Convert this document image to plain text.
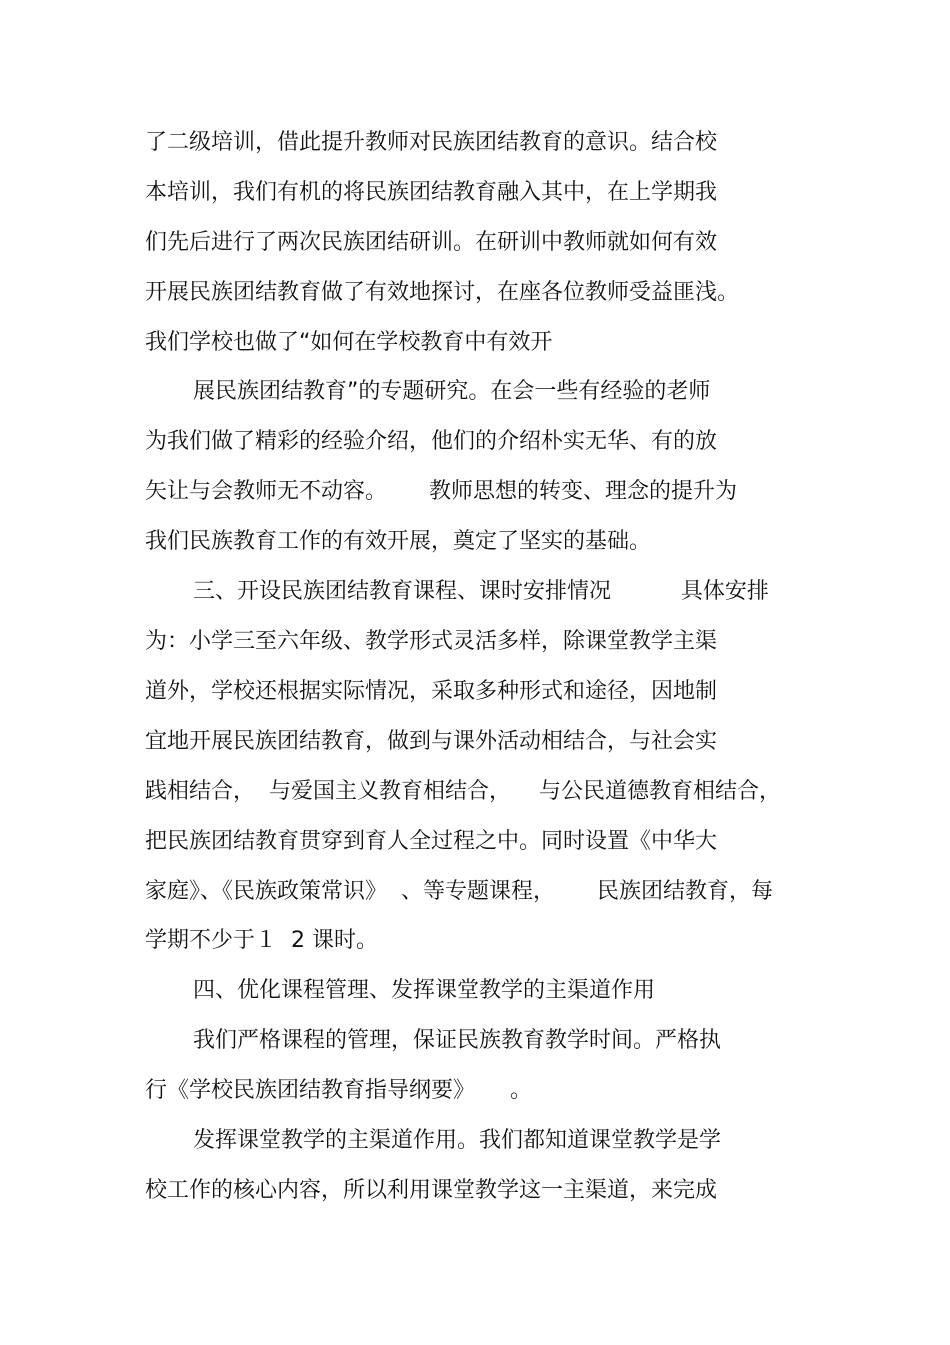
了二级培训，借此提升教师对民族团结教育的意识。结合校
本培训，我们有机的将民族团结教育融入其中，在上学期我
们先后进行了两次民族团结研训。在研训中教师就如何有效
开展民族团结教育做了有效地探讨，在座各位教师受益匪浅。
我们学校也做了“如何在学校教育中有效开
展民族团结教育”的专题研究。在会一些有经验的老师
为我们做了精彩的经验介绍，他们的介绍朴实无华、有的放
矢让与会教师无不动容。      教师思想的转变、理念的提升为
我们民族教育工作的有效开展，奠定了坚实的基础。
三、开设民族团结教育课程、课时安排情况          具体安排
为：小学三至六年级、教学形式灵活多样，除课堂教学主渠
道外，学校还根据实际情况，采取多种形式和途径，因地制
宜地开展民族团结教育，做到与课外活动相结合，与社会实
践相结合，  与爱国主义教育相结合，    与公民道德教育相结合，
把民族团结教育贯穿到育人全过程之中。同时设置《中华大
家庭》、《民族政策常识》  、等专题课程，      民族团结教育，每
学期不少于１  2 课时。
四、优化课程管理、发挥课堂教学的主渠道作用
我们严格课程的管理，保证民族教育教学时间。严格执
行《学校民族团结教育指导纲要》     。
发挥课堂教学的主渠道作用。我们都知道课堂教学是学
校工作的核心内容，所以利用课堂教学这一主渠道，来完成
